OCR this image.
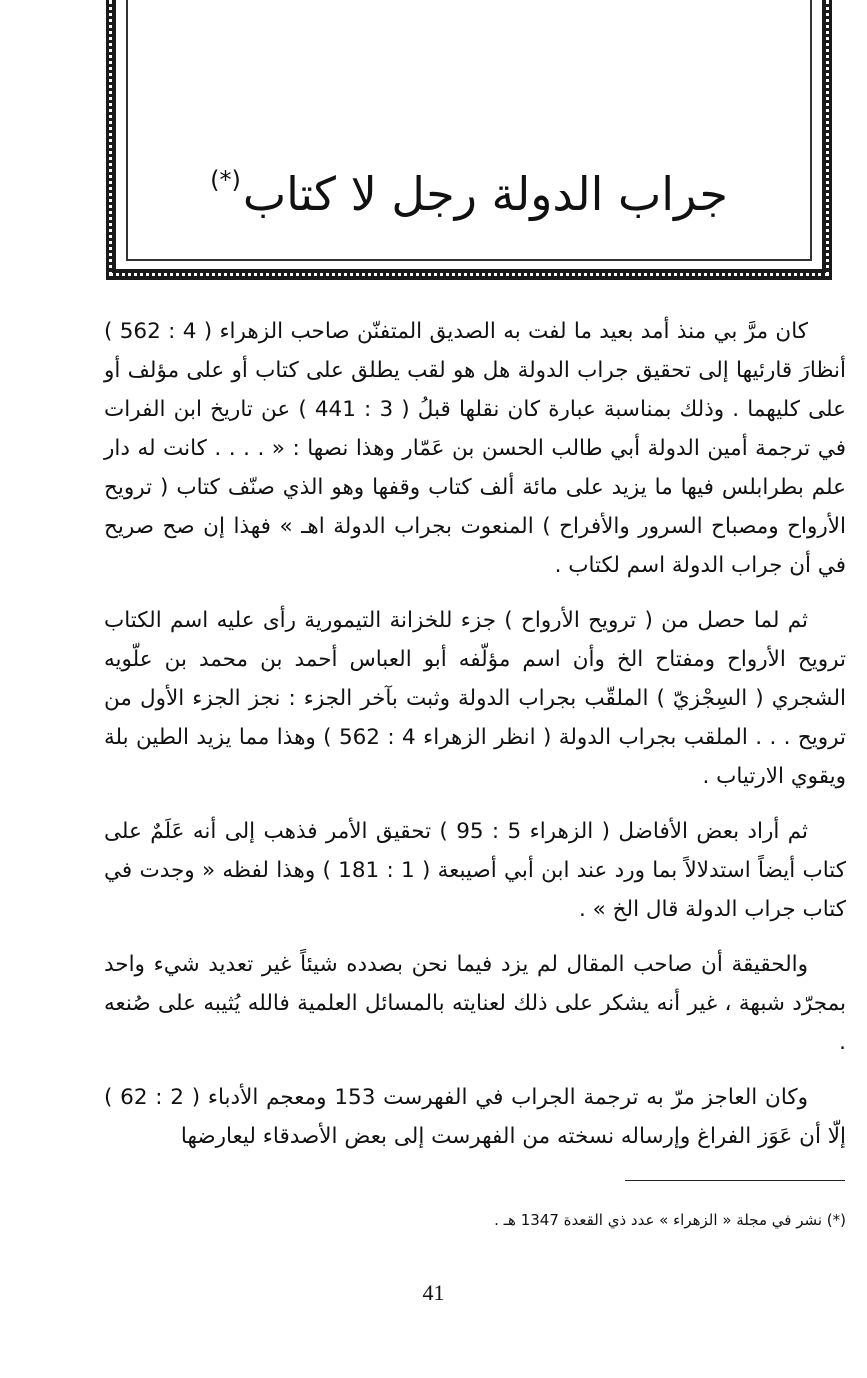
جراب الدولة رجل لا كتاب(*)

كان مرَّ بي منذ أمد بعيد ما لفت به الصديق المتفنّن صاحب الزهراء ( 4 : 562 ) أنظارَ قارئيها إلى تحقيق جراب الدولة هل هو لقب يطلق على كتاب أو على مؤلف أو على كليهما . وذلك بمناسبة عبارة كان نقلها قبلُ ( 3 : 441 ) عن تاريخ ابن الفرات في ترجمة أمين الدولة أبي طالب الحسن بن عَمّار وهذا نصها : « . . . . كانت له دار علم بطرابلس فيها ما يزيد على مائة ألف كتاب وقفها وهو الذي صنّف كتاب ( ترويح الأرواح ومصباح السرور والأفراح ) المنعوت بجراب الدولة اهـ » فهذا إن صح صريح في أن جراب الدولة اسم لكتاب .

ثم لما حصل من ( ترويح الأرواح ) جزء للخزانة التيمورية رأى عليه اسم الكتاب ترويح الأرواح ومفتاح الخ وأن اسم مؤلّفه أبو العباس أحمد بن محمد بن علّويه الشجري ( السِجْزيّ ) الملقّب بجراب الدولة وثبت بآخر الجزء : نجز الجزء الأول من ترويح . . . الملقب بجراب الدولة ( انظر الزهراء 4 : 562 ) وهذا مما يزيد الطين بلة ويقوي الارتياب .

ثم أراد بعض الأفاضل ( الزهراء 5 : 95 ) تحقيق الأمر فذهب إلى أنه عَلَمٌ على كتاب أيضاً استدلالاً بما ورد عند ابن أبي أصيبعة ( 1 : 181 ) وهذا لفظه « وجدت في كتاب جراب الدولة قال الخ » .

والحقيقة أن صاحب المقال لم يزد فيما نحن بصدده شيئاً غير تعديد شيء واحد بمجرّد شبهة ، غير أنه يشكر على ذلك لعنايته بالمسائل العلمية فالله يُثيبه على صُنعه .

وكان العاجز مرّ به ترجمة الجراب في الفهرست 153 ومعجم الأدباء ( 2 : 62 ) إلّا أن عَوَز الفراغ وإرساله نسخته من الفهرست إلى بعض الأصدقاء ليعارضها

(*) نشر في مجلة « الزهراء » عدد ذي القعدة 1347 هـ .
41
